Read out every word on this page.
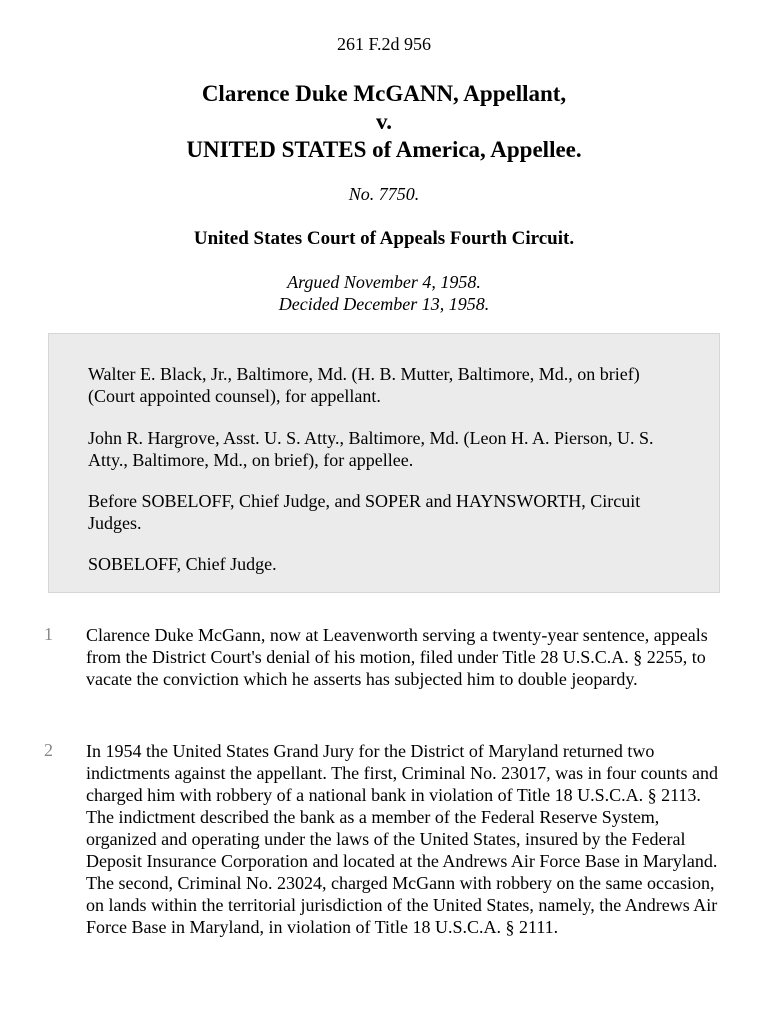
261 F.2d 956
Clarence Duke McGANN, Appellant,
v.
UNITED STATES of America, Appellee.
No. 7750.
United States Court of Appeals Fourth Circuit.
Argued November 4, 1958.
Decided December 13, 1958.

Walter E. Black, Jr., Baltimore, Md. (H. B. Mutter, Baltimore, Md., on brief) (Court appointed counsel), for appellant.

John R. Hargrove, Asst. U. S. Atty., Baltimore, Md. (Leon H. A. Pierson, U. S. Atty., Baltimore, Md., on brief), for appellee.

Before SOBELOFF, Chief Judge, and SOPER and HAYNSWORTH, Circuit Judges.

SOBELOFF, Chief Judge.

1 Clarence Duke McGann, now at Leavenworth serving a twenty-year sentence, appeals from the District Court's denial of his motion, filed under Title 28 U.S.C.A. § 2255, to vacate the conviction which he asserts has subjected him to double jeopardy.

2 In 1954 the United States Grand Jury for the District of Maryland returned two indictments against the appellant. The first, Criminal No. 23017, was in four counts and charged him with robbery of a national bank in violation of Title 18 U.S.C.A. § 2113. The indictment described the bank as a member of the Federal Reserve System, organized and operating under the laws of the United States, insured by the Federal Deposit Insurance Corporation and located at the Andrews Air Force Base in Maryland. The second, Criminal No. 23024, charged McGann with robbery on the same occasion, on lands within the territorial jurisdiction of the United States, namely, the Andrews Air Force Base in Maryland, in violation of Title 18 U.S.C.A. § 2111.
